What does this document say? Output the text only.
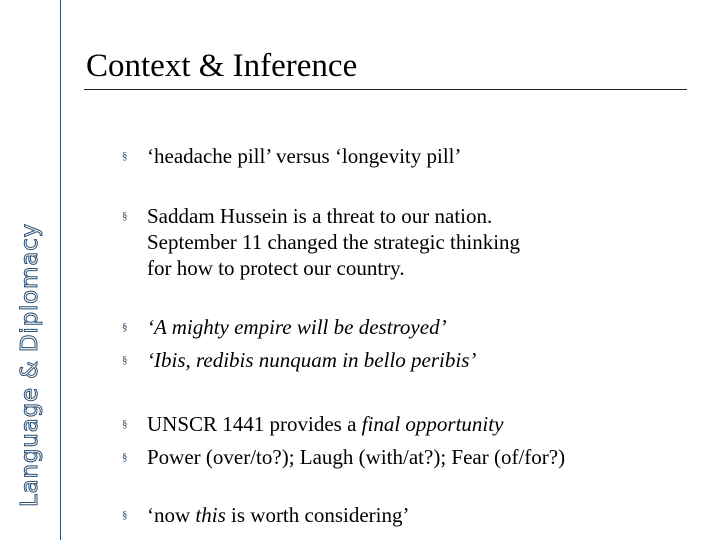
Language & Diplomacy
Context & Inference
§ ‘headache pill’ versus ‘longevity pill’
§ Saddam Hussein is a threat to our nation.
September 11 changed the strategic thinking
for how to protect our country.
§ ‘A mighty empire will be destroyed’
§ ‘Ibis, redibis nunquam in bello peribis’
§ UNSCR 1441 provides a final opportunity
§ Power (over/to?); Laugh (with/at?); Fear (of/for?)
§ ‘now this is worth considering’
